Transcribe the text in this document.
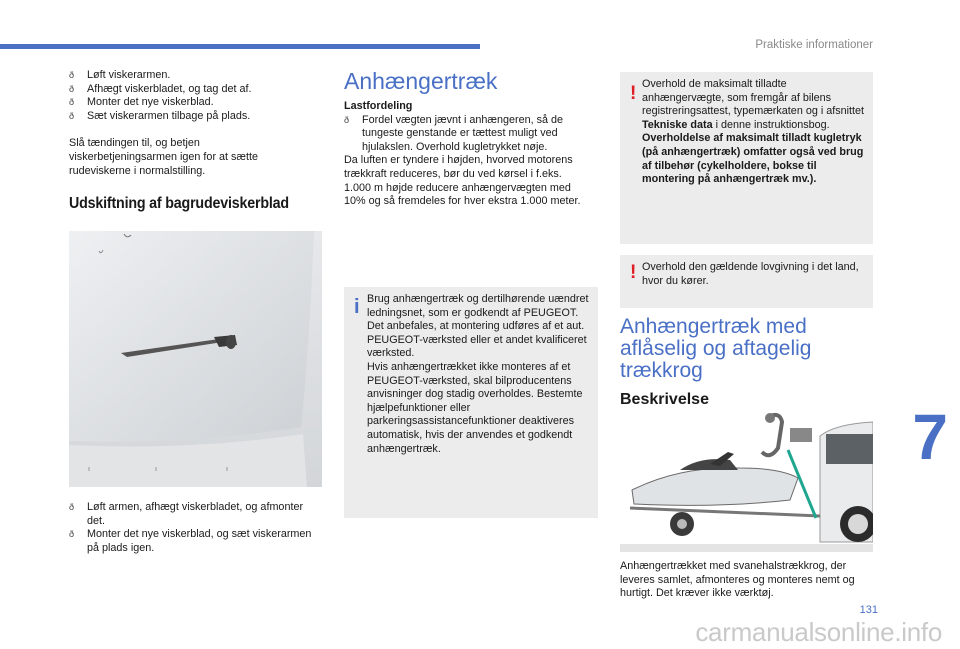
Praktiske informationer
ð Løft viskerarmen.
ð Afhægt viskerbladet, og tag det af.
ð Monter det nye viskerblad.
ð Sæt viskerarmen tilbage på plads.

Slå tændingen til, og betjen viskerbetjeningsarmen igen for at sætte rudeviskerne i normalstilling.

Udskiftning af bagrudeviskerblad
ð Løft armen, afhægt viskerbladet, og afmonter det.
ð Monter det nye viskerblad, og sæt viskerarmen på plads igen.
Anhængertræk
Lastfordeling
ð Fordel vægten jævnt i anhængeren, så de tungeste genstande er tættest muligt ved hjulakslen. Overhold kugletrykket nøje.

Da luften er tyndere i højden, hvorved motorens trækkraft reduceres, bør du ved kørsel i f.eks. 1.000 m højde reducere anhængervægten med 10% og så fremdeles for hver ekstra 1.000 meter.

i Brug anhængertræk og dertilhørende uændret ledningsnet, som er godkendt af PEUGEOT. Det anbefales, at montering udføres af et aut. PEUGEOT-værksted eller et andet kvalificeret værksted.
Hvis anhængertrækket ikke monteres af et PEUGEOT-værksted, skal bilproducentens anvisninger dog stadig overholdes. Bestemte hjælpefunktioner eller parkeringsassistancefunktioner deaktiveres automatisk, hvis der anvendes et godkendt anhængertræk.
! Overhold de maksimalt tilladte anhængervægte, som fremgår af bilens registreringsattest, typemærkaten og i afsnittet Tekniske data i denne instruktionsbog.
Overholdelse af maksimalt tilladt kugletryk (på anhængertræk) omfatter også ved brug af tilbehør (cykelholdere, bokse til montering på anhængertræk mv.).
! Overhold den gældende lovgivning i det land, hvor du kører.
Anhængertræk med aflåselig og aftagelig trækkrog
Beskrivelse
Anhængertrækket med svanehalstrækkrog, der leveres samlet, afmonteres og monteres nemt og hurtigt. Det kræver ikke værktøj.
7
131
carmanualsonline.info
